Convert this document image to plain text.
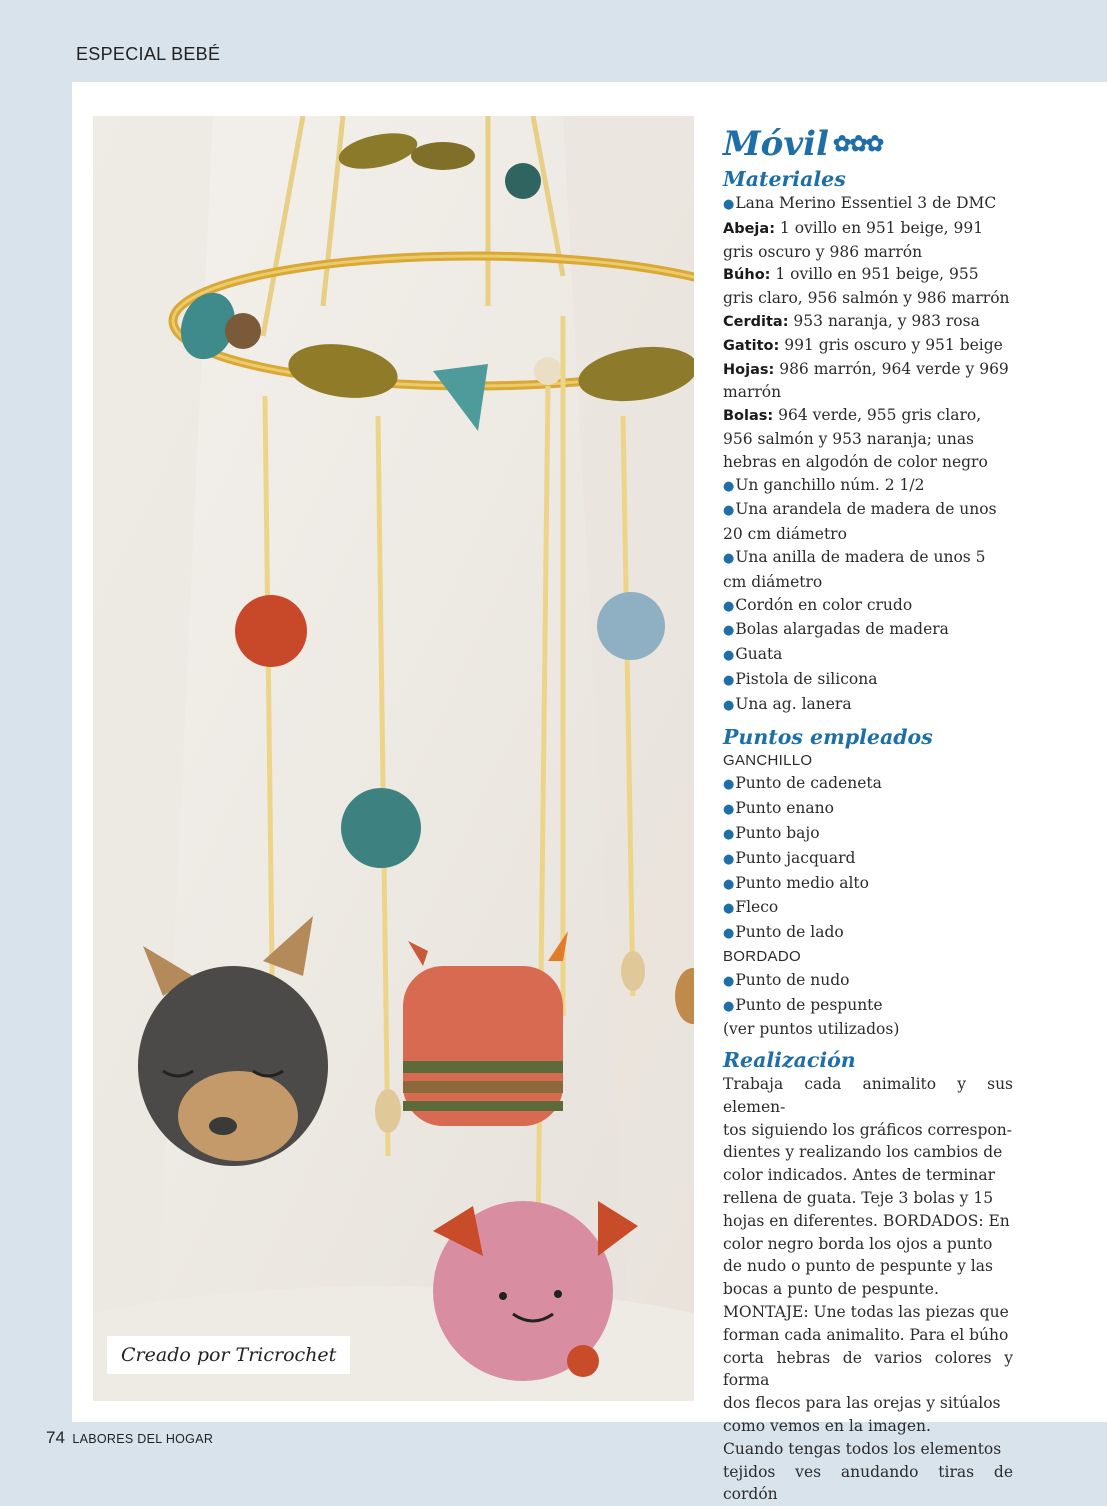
ESPECIAL BEBÉ
Creado por Tricrochet
Móvil ✿✿✿
Materiales
●Lana Merino Essentiel 3 de DMC
Abeja: 1 ovillo en 951 beige, 991 gris oscuro y 986 marrón
Búho: 1 ovillo en 951 beige, 955 gris claro, 956 salmón y 986 marrón
Cerdita: 953 naranja, y 983 rosa
Gatito: 991 gris oscuro y 951 beige
Hojas: 986 marrón, 964 verde y 969 marrón
Bolas: 964 verde, 955 gris claro, 956 salmón y 953 naranja; unas hebras en algodón de color negro
●Un ganchillo núm. 2 1/2
●Una arandela de madera de unos 20 cm diámetro
●Una anilla de madera de unos 5 cm diámetro
●Cordón en color crudo
●Bolas alargadas de madera
●Guata
●Pistola de silicona
●Una ag. lanera
Puntos empleados
GANCHILLO
●Punto de cadeneta
●Punto enano
●Punto bajo
●Punto jacquard
●Punto medio alto
●Fleco
●Punto de lado
BORDADO
●Punto de nudo
●Punto de pespunte
(ver puntos utilizados)
Realización
Trabaja cada animalito y sus elemen-
tos siguiendo los gráficos correspon-
dientes y realizando los cambios de
color indicados. Antes de terminar
rellena de guata. Teje 3 bolas y 15
hojas en diferentes. BORDADOS: En
color negro borda los ojos a punto
de nudo o punto de pespunte y las
bocas a punto de pespunte.
MONTAJE: Une todas las piezas que
forman cada animalito. Para el búho
corta hebras de varios colores y forma
dos flecos para las orejas y sitúalos
como vemos en la imagen.
Cuando tengas todos los elementos
tejidos ves anudando tiras de cordón
74 LABORES DEL HOGAR
